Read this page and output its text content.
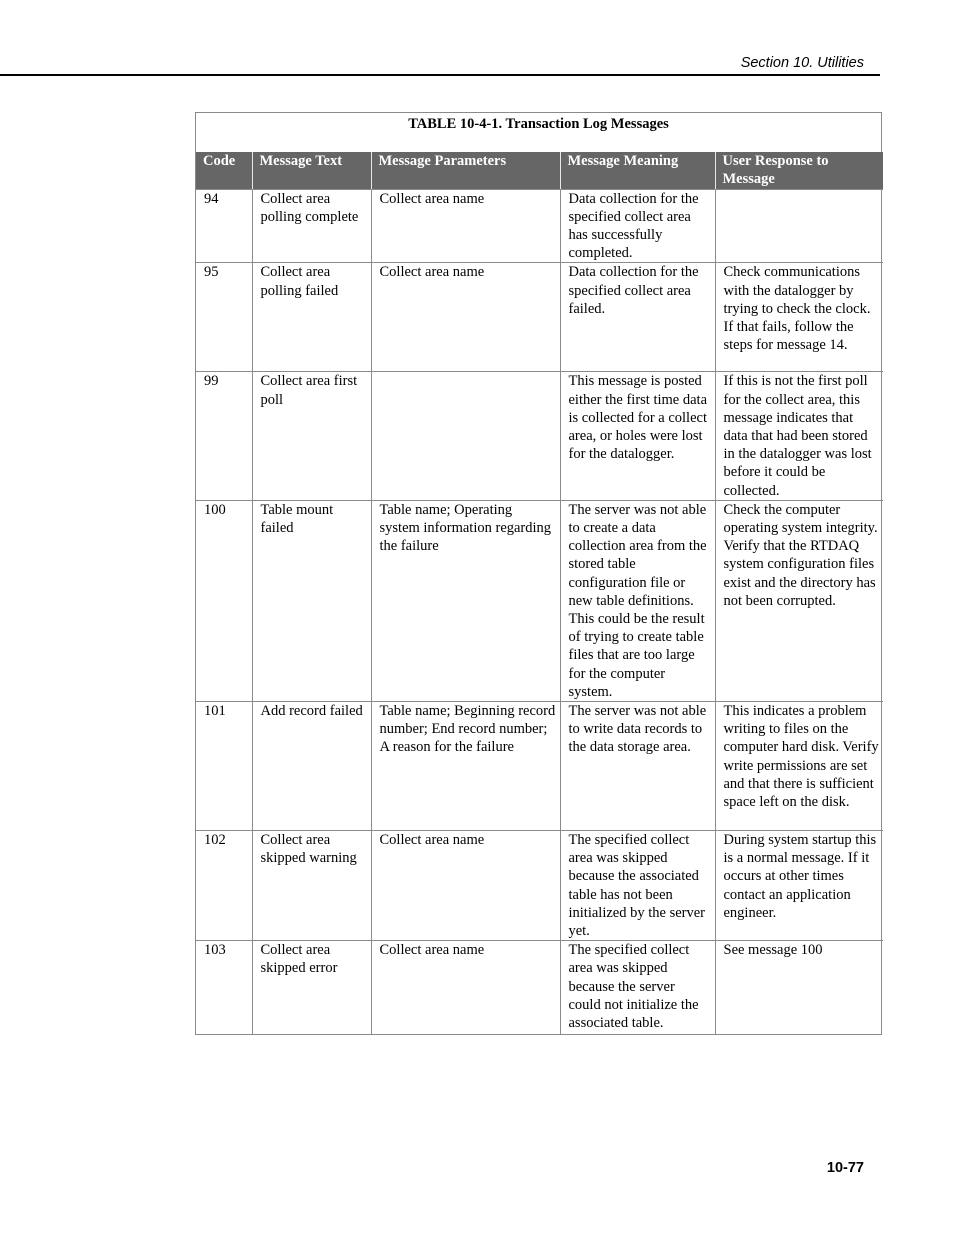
Section 10. Utilities
TABLE 10-4-1. Transaction Log Messages
Code	Message Text	Message Parameters	Message Meaning	User Response to Message
94	Collect area polling complete	Collect area name	Data collection for the specified collect area has successfully completed.	
95	Collect area polling failed	Collect area name	Data collection for the specified collect area failed.	Check communications with the datalogger by trying to check the clock. If that fails, follow the steps for message 14.
99	Collect area first poll		This message is posted either the first time data is collected for a collect area, or holes were lost for the datalogger.	If this is not the first poll for the collect area, this message indicates that data that had been stored in the datalogger was lost before it could be collected.
100	Table mount failed	Table name; Operating system information regarding the failure	The server was not able to create a data collection area from the stored table configuration file or new table definitions. This could be the result of trying to create table files that are too large for the computer system.	Check the computer operating system integrity. Verify that the RTDAQ system configuration files exist and the directory has not been corrupted.
101	Add record failed	Table name; Beginning record number; End record number; A reason for the failure	The server was not able to write data records to the data storage area.	This indicates a problem writing to files on the computer hard disk. Verify write permissions are set and that there is sufficient space left on the disk.
102	Collect area skipped warning	Collect area name	The specified collect area was skipped because the associated table has not been initialized by the server yet.	During system startup this is a normal message. If it occurs at other times contact an application engineer.
103	Collect area skipped error	Collect area name	The specified collect area was skipped because the server could not initialize the associated table.	See message 100
10-77
